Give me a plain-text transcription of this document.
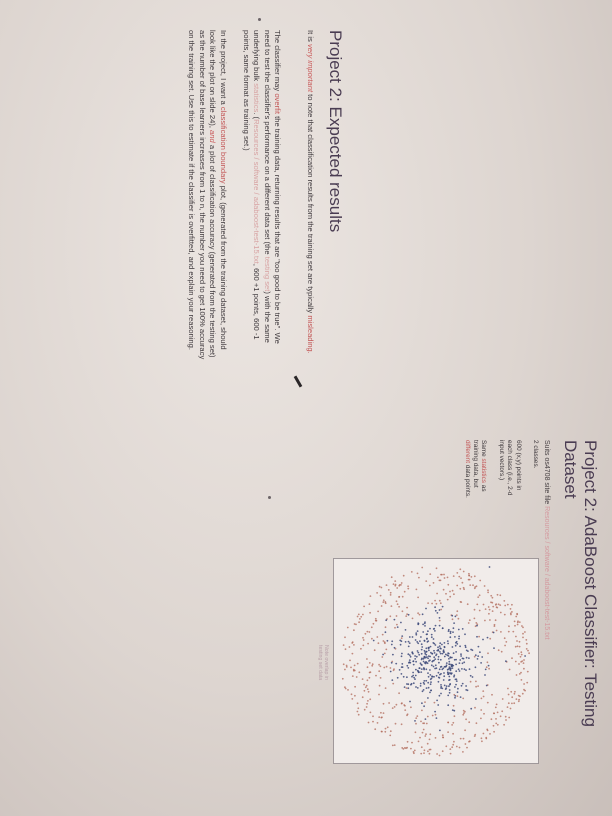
Project 2: Expected results

It is very important to note that classification results from the training set are typically misleading.

The classifier may overfit the training data, returning results that are "too good to be true". We need to test the classifier's performance on a different data set (the testing set) with the same underlying bulk statistics. (Resources / software / adaboost-test-15.txt, 600 +1 points, 600 -1 points, same format as training set.)

In the project, I want a classification boundary plot, (generated from the training dataset, should look like the plot on slide 24), and a plot of classification accuracy (generated from the testing set) as the number of base learners increases from 1 to n, the number you need to get 100% accuracy on the training set. Use this to estimate if the classifier is overfitted, and explain your reasoning.

Project 2: AdaBoost Classifier: Testing Dataset

Suits os4708 site file Resources / software / adaboost-test-15.txt

2 classes.

600 (x,y) points in each class (i.e., 2-d input vectors.)

Same statistics as training data, but different data points.

Note overlap in testing set data
